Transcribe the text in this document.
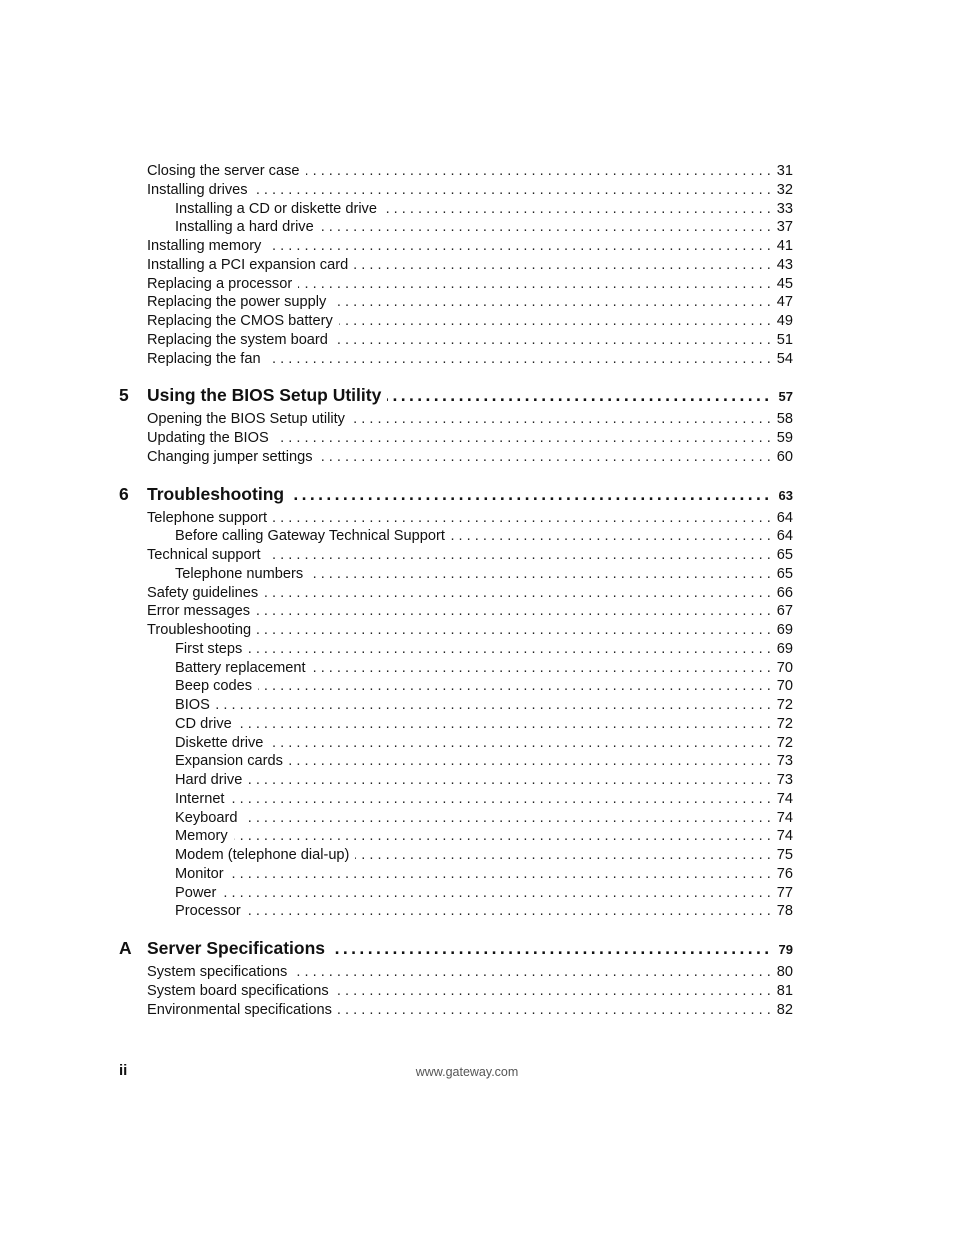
Closing the server case . . .	31
Installing drives . . .	32
Installing a CD or diskette drive . . .	33
Installing a hard drive . . .	37
Installing memory . . .	41
Installing a PCI expansion card . . .	43
Replacing a processor . . .	45
Replacing the power supply . . .	47
Replacing the CMOS battery . . .	49
Replacing the system board . . .	51
Replacing the fan . . .	54
5	Using the BIOS Setup Utility .....	57
Opening the BIOS Setup utility . . .	58
Updating the BIOS . . .	59
Changing jumper settings . . .	60
6	Troubleshooting .....	63
Telephone support . . .	64
Before calling Gateway Technical Support . . .	64
Technical support . . .	65
Telephone numbers . . .	65
Safety guidelines . . .	66
Error messages . . .	67
Troubleshooting . . .	69
First steps . . .	69
Battery replacement . . .	70
Beep codes . . .	70
BIOS . . .	72
CD drive . . .	72
Diskette drive . . .	72
Expansion cards . . .	73
Hard drive . . .	73
Internet . . .	74
Keyboard . . .	74
Memory . . .	74
Modem (telephone dial-up) . . .	75
Monitor . . .	76
Power . . .	77
Processor . . .	78
A Server Specifications .....	79
System specifications . . .	80
System board specifications . . .	81
Environmental specifications . . .	82
ii	www.gateway.com
